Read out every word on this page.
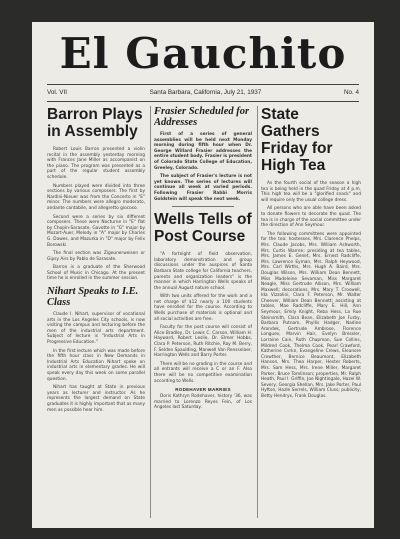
El Gauchito
Vol. VII	Santa Barbara, California, July 21, 1937	No. 4
Barron Plays in Assembly

Robert Louis Barron presented a violin recital in the assembly yesterday morning with Frances Jane Miller as accompanist on the piano. The program was presented as a part of the regular student assembly schedule.

Numbers played were divided into three sections by various composers. The first by Nardini-Nieuer was from the Concerto in "E" minor. The numbers were allegro moderato, andante cantabile, and allegretto giocoso.

Second were a series by six different composers. These were Nocturne in "E" flat by Chopin-Sarasate, Gavotte in "G" major by Mozart-Auer, Melody in "A" major by Charles G. Dawes, and Mazurka in "D" major by Felix Borowski.

The final section was Zigeunerweisen or Gipsy Airs by Pablo de Sarasate.

Barron is a graduate of the Sherwood School of Music in Chicago. At the present time he is enrolled in the summer session.

Nihart Speaks to I.E. Class

Claude I. Nihart, supervisor of vocational arts in the Los Angeles City schools, is now visiting the campus and lecturing before the men of the industrial arts department. Subject of lecture is "Industrial Arts in Progressive Education."

In the first lecture which was made before the fifth hour class in New Demands in Industrial Arts Education Nihart spoke on industrial arts in elementary grades. He will speak every day this week on some parallel question.

Nihart has taught at State in previous years as lecturer and instructor. As he represents the largest demand on State graduates it is highly important that as many men as possible hear him.

Frasier Scheduled for Addresses

First of a series of general assemblies will be held next Monday morning during fifth hour when Dr. George Willard Frasier addresses the entire student body. Frasier is president of Colorado State College of Education, Greeley, Colorado.

The subject of Frasier's lecture is not yet known. The series of lectures will continue all week at varied periods. Following Frasier Rabbi Morris Goldstein will speak the next week.

Wells Tells of Post Course

"A fortnight of field observation, laboratory demonstration and group discussions under the auspices of Santa Barbara State college for California teachers, parents and organization leaders" is the manner in which Harrington Wells speaks of the annual August nature school.

With two units offered for the work and a net charge of $12 nearly a 100 students have enrolled for the course. According to Wells purchase of materials is optional and all social activities are free.

Faculty for the post course will consist of Alice Bradley, Dr. Lewis C. Carson, William H. Hayward, Robert Leslie, Dr. Elmer Hobbs, Clara P. Peterson, Ruth Ritchie, Ray M. Berry, F. Selden Spaulding, Manwell Van Rensselaer, Harrington Wells and Barry Porter.

There will be no grading in the course and all entrants will receive a C or an F. Also there will be no competitive examination according to Wells.

RODEHAVER MARRIES

Doris Kathryn Rodehaver, history '36, was married to Lorenzo Reyes Fein, of Los Angeles last Saturday.

State Gathers Friday for High Tea

As the fourth social of the season a high tea is being held in the quad Friday at 4 p.m. This high tea will be a "glorified snack" and will require only the usual college dress.

All persons who are able have been asked to donate flowers to decorate the quad. The tea is in charge of the social committee under the direction of Ann Seymour.

The following committees were appointed for the tea: hostesses, Mrs. Clarence Phelps, Mrs. Claude Jacobs, Mrs. William Ashworth, Mrs. Curtis Warren; presiding at tea tables, Mrs. James E. Genet, Mrs. Ernest Radcliffe, Mrs. Lawrence Eyman, Mrs. Ralph Heywood, Mrs. Carl Wirths, Mrs. Hugh A. Baird, Mrs. Douglas Wilson, Mrs. William Dean Bennett, Miss Madeleine Sevaman, Miss Margaret Neagle, Miss Gertrude Allison, Mrs. William Maxwell; decorations, Mrs. Mary T. Croswell, Ida Vizzolini, Clara F. Peterson, Mr. Walter Cheever, William Dean Bennett; assisting at tables, Mae Radcliffe, Mary E. Hill, Ann Seymour, Emily Knight, Reba Hess, La Rue Steinsmith, Clara Bean, Elizabeth Joe Furby, Barbara Putnam, Phyllis Hadger, Nadine Arondek, Gertrude Ambrose, Florence Longuev, Marvin Hair, Evelyn Bressler, Lorraine Cain, Ruth Chapman, Sue Collins, Mildred Cook, Thelma Cook, Pearl Crawford, Katherine Cvrkn, Evangeline Crews, Eleanore Crowther, Bernice Beaumont, Elizabeth Hanson, Mrs. Thea Harper, Hester Roberts, Mrs. Sam Hess, Mrs. Irene Miller, Margaret Parker, Bruce Tomlinson; properties, Mr. Ralph Heath, Paul I. Griffin, Joe Nightingale, Hazel W. Severy, Georgia Shellan, Mrs. Jake Porter, Paul Hyfton, Hazle Serrels, William Cluss; publicity, Betty Hendryx, Frank Douglas.
